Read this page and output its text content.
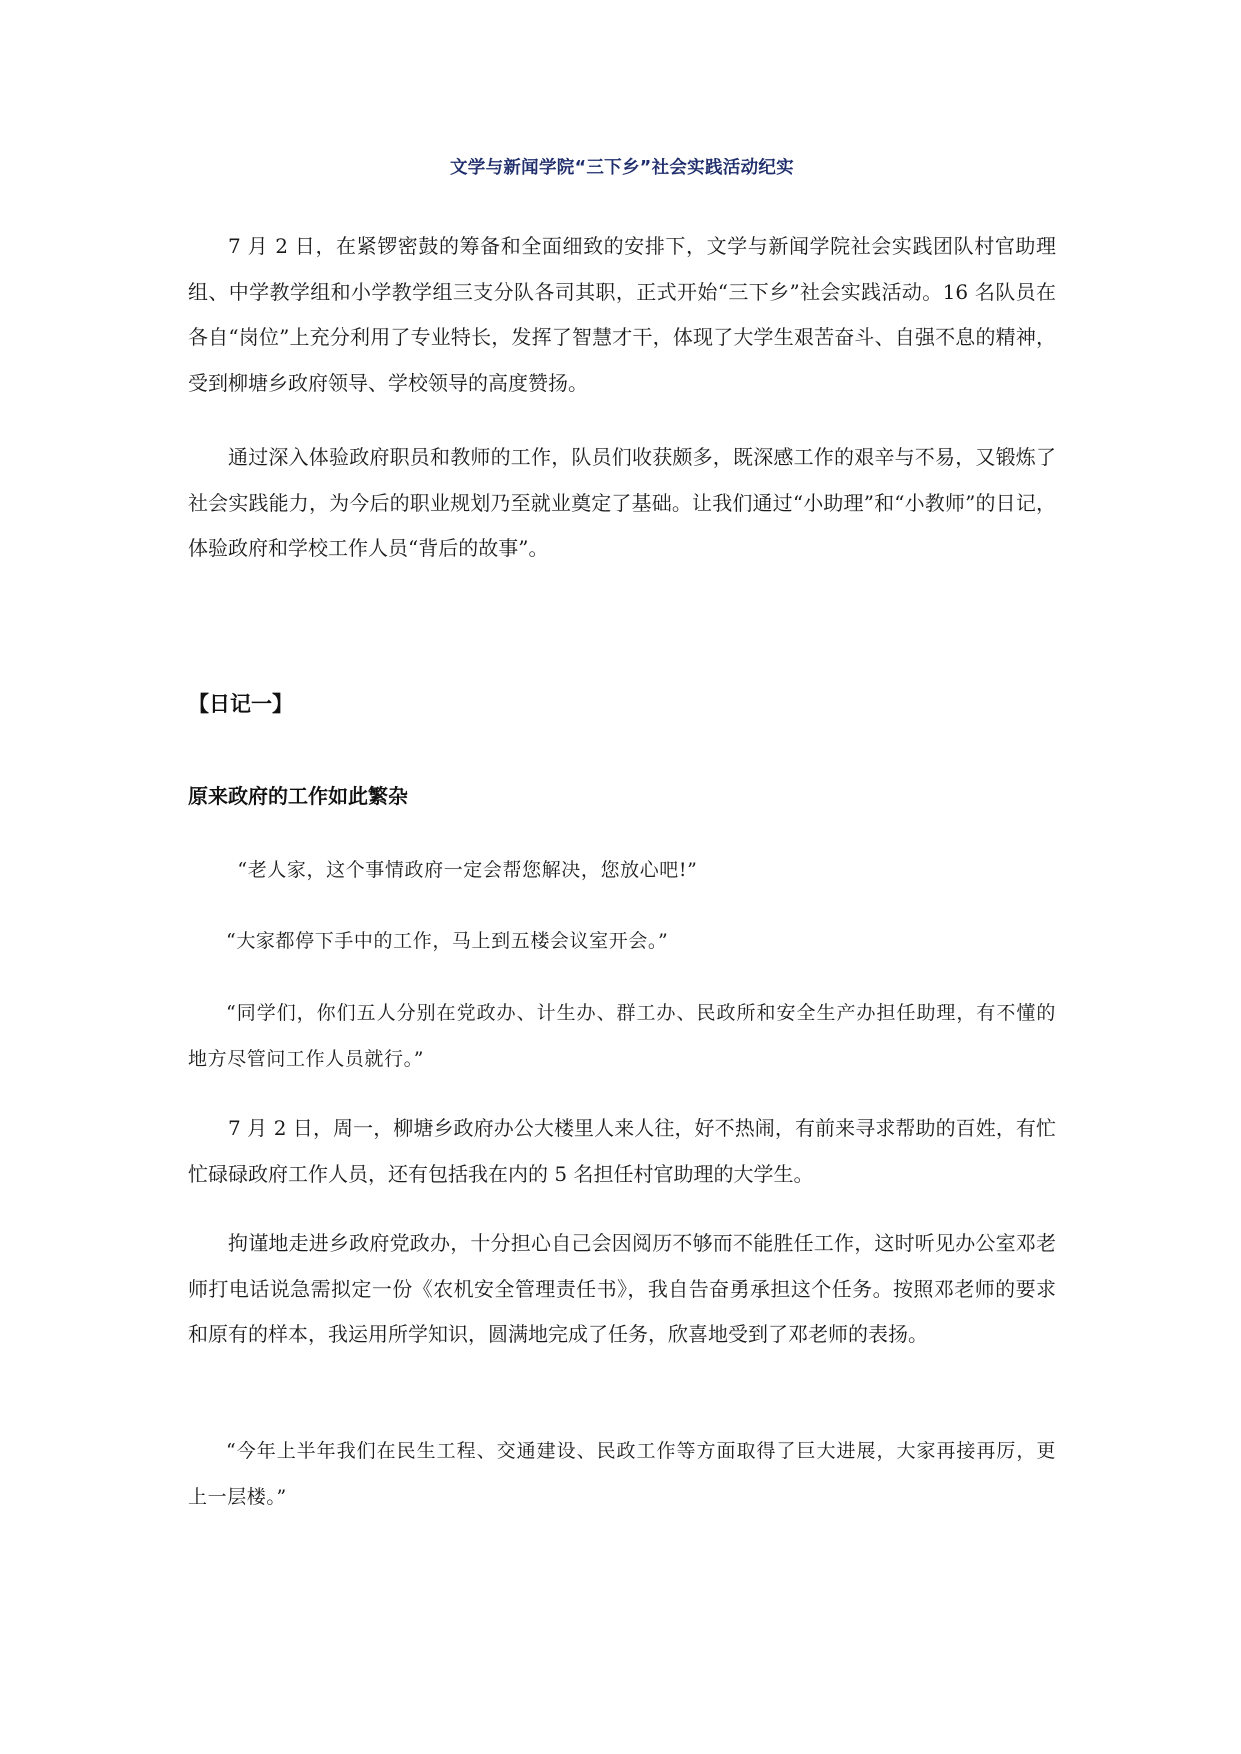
文学与新闻学院“三下乡”社会实践活动纪实

7 月 2 日，在紧锣密鼓的筹备和全面细致的安排下，文学与新闻学院社会实践团队村官助理组、中学教学组和小学教学组三支分队各司其职，正式开始“三下乡”社会实践活动。16 名队员在各自“岗位”上充分利用了专业特长，发挥了智慧才干，体现了大学生艰苦奋斗、自强不息的精神，受到柳塘乡政府领导、学校领导的高度赞扬。

通过深入体验政府职员和教师的工作，队员们收获颇多，既深感工作的艰辛与不易，又锻炼了社会实践能力，为今后的职业规划乃至就业奠定了基础。让我们通过“小助理”和“小教师”的日记，体验政府和学校工作人员“背后的故事”。

【日记一】
原来政府的工作如此繁杂

“老人家，这个事情政府一定会帮您解决，您放心吧!”

“大家都停下手中的工作，马上到五楼会议室开会。”

“同学们，你们五人分别在党政办、计生办、群工办、民政所和安全生产办担任助理，有不懂的地方尽管问工作人员就行。”

7 月 2 日，周一，柳塘乡政府办公大楼里人来人往，好不热闹，有前来寻求帮助的百姓，有忙忙碌碌政府工作人员，还有包括我在内的 5 名担任村官助理的大学生。

拘谨地走进乡政府党政办，十分担心自己会因阅历不够而不能胜任工作，这时听见办公室邓老师打电话说急需拟定一份《农机安全管理责任书》，我自告奋勇承担这个任务。按照邓老师的要求和原有的样本，我运用所学知识，圆满地完成了任务，欣喜地受到了邓老师的表扬。

“今年上半年我们在民生工程、交通建设、民政工作等方面取得了巨大进展，大家再接再厉，更上一层楼。”
